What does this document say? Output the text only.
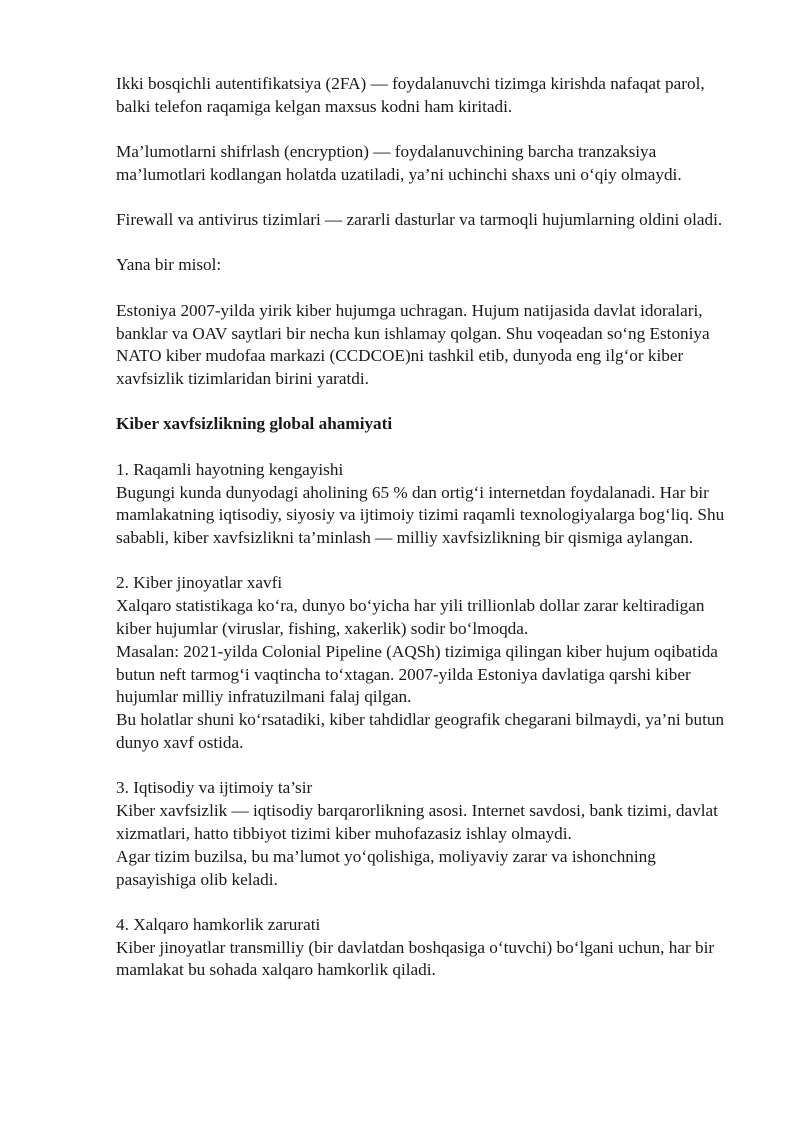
Ikki bosqichli autentifikatsiya (2FA) — foydalanuvchi tizimga kirishda nafaqat parol, balki telefon raqamiga kelgan maxsus kodni ham kiritadi.

Ma’lumotlarni shifrlash (encryption) — foydalanuvchining barcha tranzaksiya ma’lumotlari kodlangan holatda uzatiladi, ya’ni uchinchi shaxs uni o‘qiy olmaydi.

Firewall va antivirus tizimlari — zararli dasturlar va tarmoqli hujumlarning oldini oladi.

Yana bir misol:

Estoniya 2007-yilda yirik kiber hujumga uchragan. Hujum natijasida davlat idoralari, banklar va OAV saytlari bir necha kun ishlamay qolgan. Shu voqeadan so‘ng Estoniya NATO kiber mudofaa markazi (CCDCOE)ni tashkil etib, dunyoda eng ilg‘or kiber xavfsizlik tizimlaridan birini yaratdi.

Kiber xavfsizlikning global ahamiyati

1. Raqamli hayotning kengayishi
Bugungi kunda dunyodagi aholining 65 % dan ortig‘i internetdan foydalanadi. Har bir mamlakatning iqtisodiy, siyosiy va ijtimoiy tizimi raqamli texnologiyalarga bog‘liq. Shu sababli, kiber xavfsizlikni ta’minlash — milliy xavfsizlikning bir qismiga aylangan.
2. Kiber jinoyatlar xavfi
Xalqaro statistikaga ko‘ra, dunyo bo‘yicha har yili trillionlab dollar zarar keltiradigan kiber hujumlar (viruslar, fishing, xakerlik) sodir bo‘lmoqda.
Masalan: 2021-yilda Colonial Pipeline (AQSh) tizimiga qilingan kiber hujum oqibatida butun neft tarmog‘i vaqtincha to‘xtagan. 2007-yilda Estoniya davlatiga qarshi kiber hujumlar milliy infratuzilmani falaj qilgan.
Bu holatlar shuni ko‘rsatadiki, kiber tahdidlar geografik chegarani bilmaydi, ya’ni butun dunyo xavf ostida.
3. Iqtisodiy va ijtimoiy ta’sir
Kiber xavfsizlik — iqtisodiy barqarorlikning asosi. Internet savdosi, bank tizimi, davlat xizmatlari, hatto tibbiyot tizimi kiber muhofazasiz ishlay olmaydi.
Agar tizim buzilsa, bu ma’lumot yo‘qolishiga, moliyaviy zarar va ishonchning pasayishiga olib keladi.
4. Xalqaro hamkorlik zarurati
Kiber jinoyatlar transmilliy (bir davlatdan boshqasiga o‘tuvchi) bo‘lgani uchun, har bir mamlakat bu sohada xalqaro hamkorlik qiladi.
